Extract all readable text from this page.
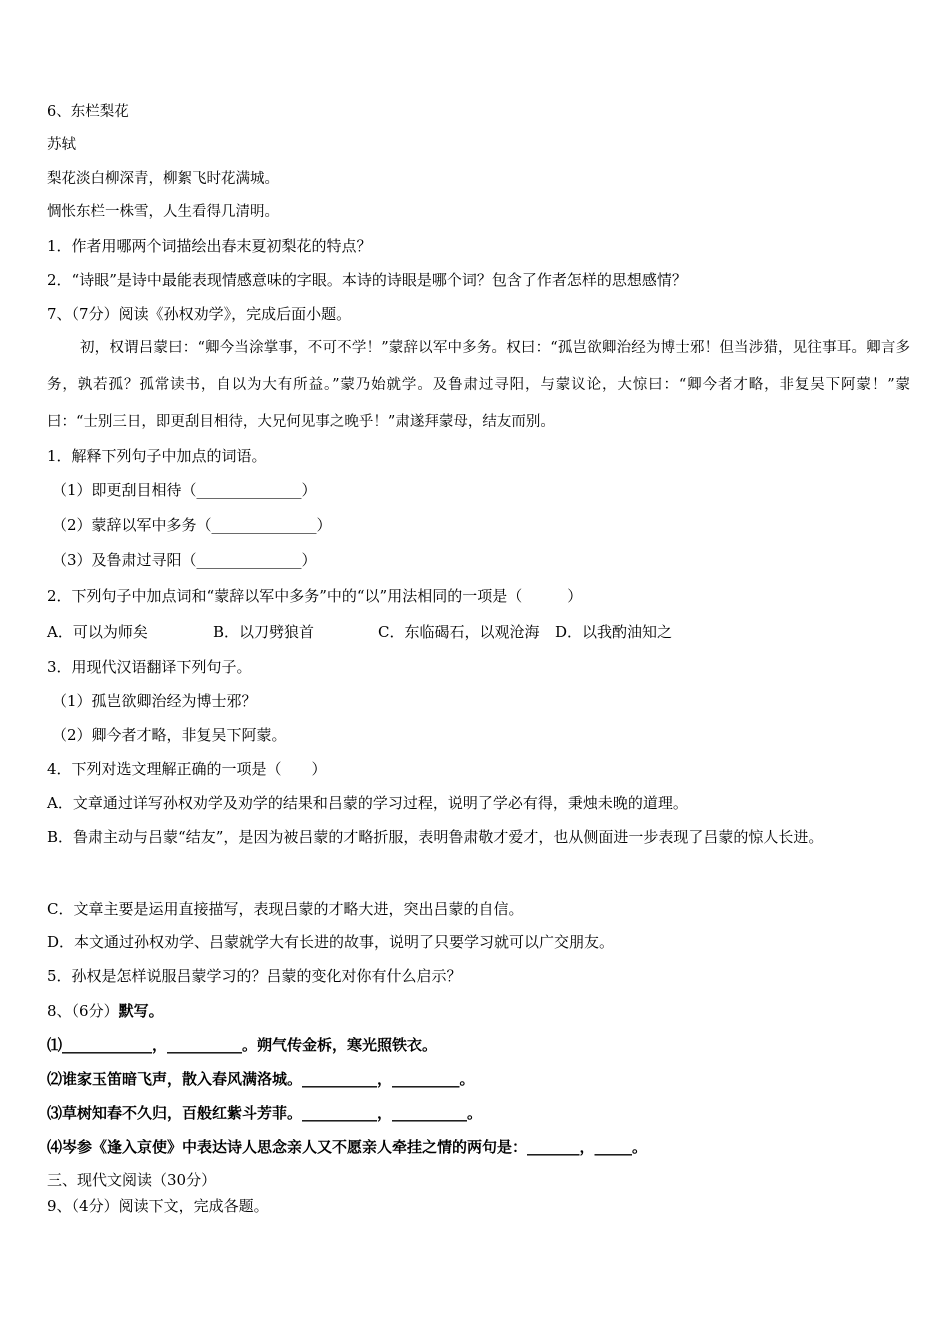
6、东栏梨花
苏轼
梨花淡白柳深青，柳絮飞时花满城。
惆怅东栏一株雪，人生看得几清明。
1．作者用哪两个词描绘出春末夏初梨花的特点？
2．“诗眼”是诗中最能表现情感意味的字眼。本诗的诗眼是哪个词？包含了作者怎样的思想感情？
7、（7分）阅读《孙权劝学》，完成后面小题。
初，权谓吕蒙曰：“卿今当涂掌事，不可不学！”蒙辞以军中多务。权曰：“孤岂欲卿治经为博士邪！但当涉猎，见往事耳。卿言多务，孰若孤？孤常读书，自以为大有所益。”蒙乃始就学。及鲁肃过寻阳，与蒙议论，大惊曰：“卿今者才略，非复吴下阿蒙！”蒙曰：“士别三日，即更刮目相待，大兄何见事之晚乎！”肃遂拜蒙母，结友而别。
1．解释下列句子中加点的词语。
（1）即更刮目相待（______________）
（2）蒙辞以军中多务（______________）
（3）及鲁肃过寻阳（______________）
2．下列句子中加点词和“蒙辞以军中多务”中的“以”用法相同的一项是（　　　）
A．可以为师矣	B．以刀劈狼首	C．东临碣石，以观沧海 D．以我酌油知之
3．用现代汉语翻译下列句子。
（1）孤岂欲卿治经为博士邪？
（2）卿今者才略，非复吴下阿蒙。
4．下列对选文理解正确的一项是（　　）
A．文章通过详写孙权劝学及劝学的结果和吕蒙的学习过程，说明了学必有得，秉烛未晚的道理。
B．鲁肃主动与吕蒙“结友”，是因为被吕蒙的才略折服，表明鲁肃敬才爱才，也从侧面进一步表现了吕蒙的惊人长进。
C．文章主要是运用直接描写，表现吕蒙的才略大进，突出吕蒙的自信。
D．本文通过孙权劝学、吕蒙就学大有长进的故事，说明了只要学习就可以广交朋友。
5．孙权是怎样说服吕蒙学习的？吕蒙的变化对你有什么启示？
8、（6分）默写。
⑴____________，__________。朔气传金柝，寒光照铁衣。
⑵谁家玉笛暗飞声，散入春风满洛城。__________，_________。
⑶草树知春不久归，百般红紫斗芳菲。__________，__________。
⑷岑参《逢入京使》中表达诗人思念亲人又不愿亲人牵挂之情的两句是：_______，_____。
三、现代文阅读（30分）
9、（4分）阅读下文，完成各题。
